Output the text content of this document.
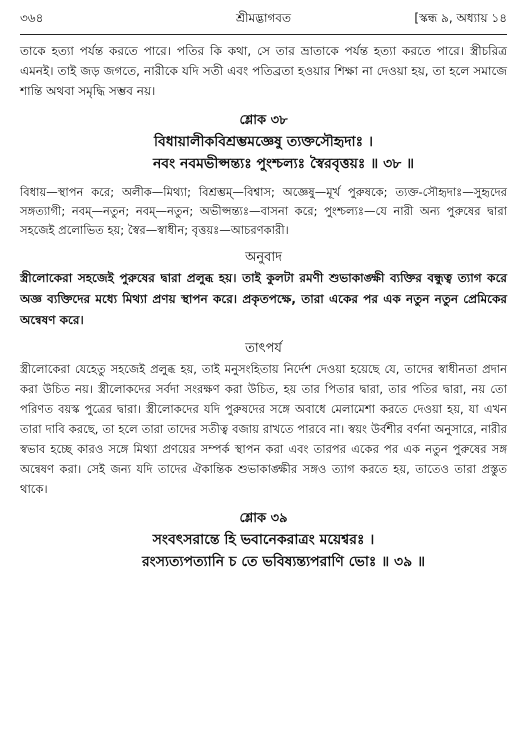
৩৬৪	শ্রীমদ্ভাগবত	[স্কন্ধ ৯, অধ্যায় ১৪

তাকে হত্যা পর্যন্ত করতে পারে। পতির কি কথা, সে তার ভ্রাতাকে পর্যন্ত হত্যা করতে পারে। স্ত্রীচরিত্র এমনই। তাই জড় জগতে, নারীকে যদি সতী এবং পতিব্রতা হওয়ার শিক্ষা না দেওয়া হয়, তা হলে সমাজে শান্তি অথবা সমৃদ্ধি সম্ভব নয়।

শ্লোক ৩৮

বিধায়ালীকবিশ্রম্ভমজ্ঞেষু ত্যক্তসৌহৃদাঃ ।

নবং নবমভীপ্সন্ত্যঃ পুংশ্চল্যঃ স্বৈরবৃত্তয়ঃ ॥ ৩৮ ॥

বিধায়—স্থাপন করে; অলীক—মিথ্যা; বিশ্রম্ভম্—বিশ্বাস; অজ্ঞেষু—মূর্খ পুরুষকে; ত্যক্ত-সৌহৃদাঃ—সুহৃদের সঙ্গত্যাগী; নবম্—নতুন; নবম্—নতুন; অভীপ্সন্ত্যঃ—বাসনা করে; পুংশ্চল্যঃ—যে নারী অন্য পুরুষের দ্বারা সহজেই প্রলোভিত হয়; স্বৈর—স্বাধীন; বৃত্তয়ঃ—আচরণকারী।

অনুবাদ

স্ত্রীলোকেরা সহজেই পুরুষের দ্বারা প্রলুব্ধ হয়। তাই কুলটা রমণী শুভাকাঙ্ক্ষী ব্যক্তির বন্ধুত্ব ত্যাগ করে অজ্ঞ ব্যক্তিদের মধ্যে মিথ্যা প্রণয় স্থাপন করে। প্রকৃতপক্ষে, তারা একের পর এক নতুন নতুন প্রেমিকের অন্বেষণ করে।

তাৎপর্য

স্ত্রীলোকেরা যেহেতু সহজেই প্রলুব্ধ হয়, তাই মনুসংহিতায় নির্দেশ দেওয়া হয়েছে যে, তাদের স্বাধীনতা প্রদান করা উচিত নয়। স্ত্রীলোকদের সর্বদা সংরক্ষণ করা উচিত, হয় তার পিতার দ্বারা, তার পতির দ্বারা, নয় তো পরিণত বয়স্ক পুত্রের দ্বারা। স্ত্রীলোকদের যদি পুরুষদের সঙ্গে অবাধে মেলামেশা করতে দেওয়া হয়, যা এখন তারা দাবি করছে, তা হলে তারা তাদের সতীত্ব বজায় রাখতে পারবে না। স্বয়ং উর্বশীর বর্ণনা অনুসারে, নারীর স্বভাব হচ্ছে কারও সঙ্গে মিথ্যা প্রণয়ের সম্পর্ক স্থাপন করা এবং তারপর একের পর এক নতুন পুরুষের সঙ্গ অন্বেষণ করা। সেই জন্য যদি তাদের ঐকান্তিক শুভাকাঙ্ক্ষীর সঙ্গও ত্যাগ করতে হয়, তাতেও তারা প্রস্তুত থাকে।

শ্লোক ৩৯

সংবৎসরান্তে হি ভবানেকরাত্রং ময়েশ্বরঃ ।

রংস্যত্যপত্যানি চ তে ভবিষ্যন্ত্যপরাণি ভোঃ ॥ ৩৯ ॥
